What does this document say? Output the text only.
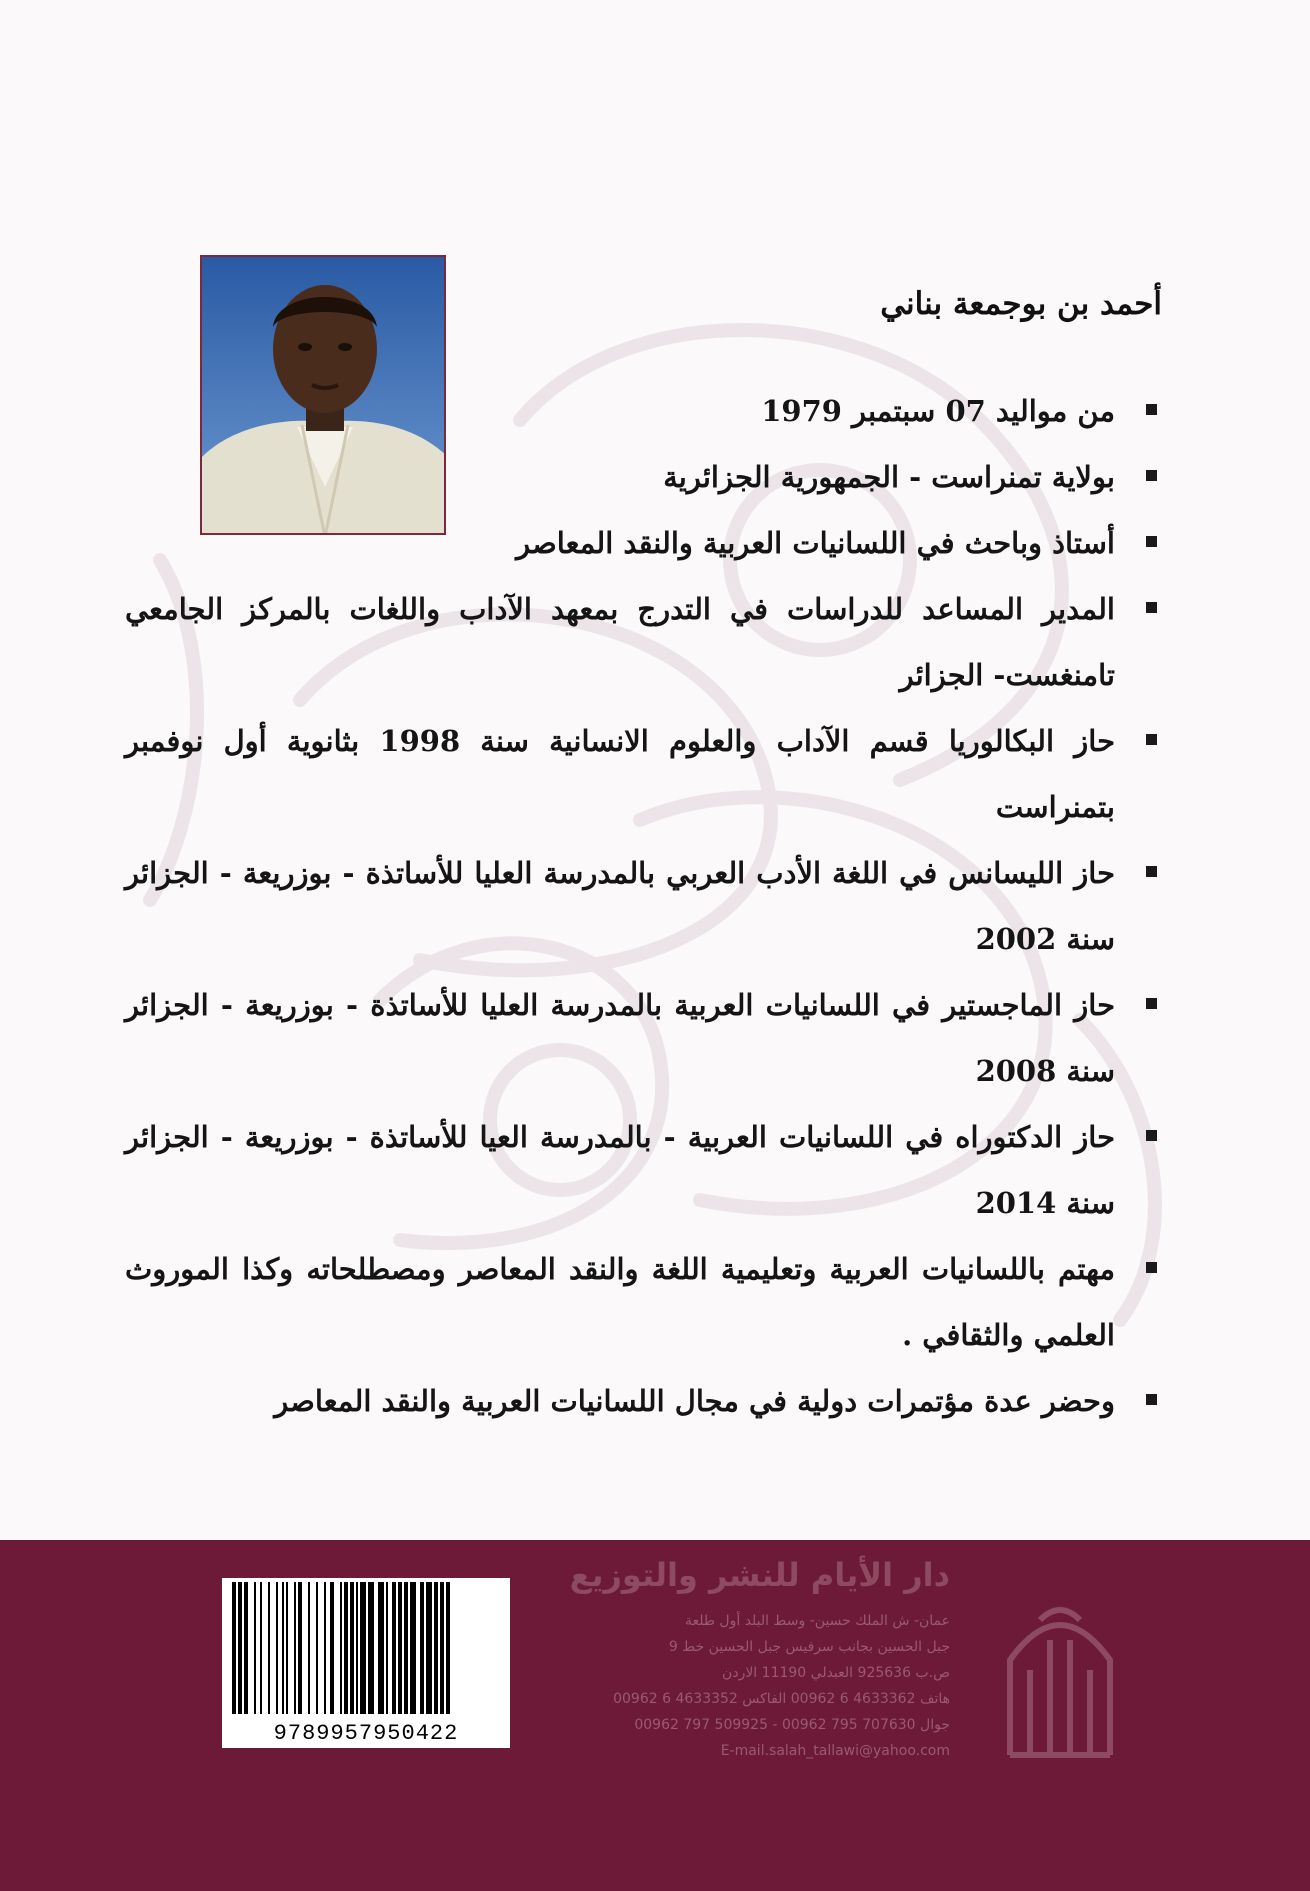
أحمد بن بوجمعة بناني
من مواليد 07 سبتمبر 1979
بولاية تمنراست - الجمهورية الجزائرية
أستاذ وباحث في اللسانيات العربية والنقد المعاصر
المدير المساعد للدراسات في التدرج بمعهد الآداب واللغات بالمركز الجامعي تامنغست- الجزائر
حاز البكالوريا قسم الآداب والعلوم الانسانية سنة 1998 بثانوية أول نوفمبر بتمنراست
حاز الليسانس في اللغة الأدب العربي بالمدرسة العليا للأساتذة - بوزريعة - الجزائر سنة 2002
حاز الماجستير في اللسانيات العربية بالمدرسة العليا للأساتذة - بوزريعة - الجزائر سنة 2008
حاز الدكتوراه في اللسانيات العربية - بالمدرسة العيا للأساتذة - بوزريعة - الجزائر سنة 2014
مهتم باللسانيات العربية وتعليمية اللغة والنقد المعاصر ومصطلحاته وكذا الموروث العلمي والثقافي .
وحضر عدة مؤتمرات دولية في مجال اللسانيات العربية والنقد المعاصر
9789957950422
دار الأيام للنشر والتوزيع
عمان- ش الملك حسين- وسط البلد أول طلعة
جبل الحسين بجانب سرفيس جبل الحسين خط 9
ص.ب 925636 العبدلي 11190 الاردن
هاتف 4633362 6 00962 الفاكس 4633352 6 00962
جوال 707630 795 00962 - 509925 797 00962
E-mail.salah_tallawi@yahoo.com
